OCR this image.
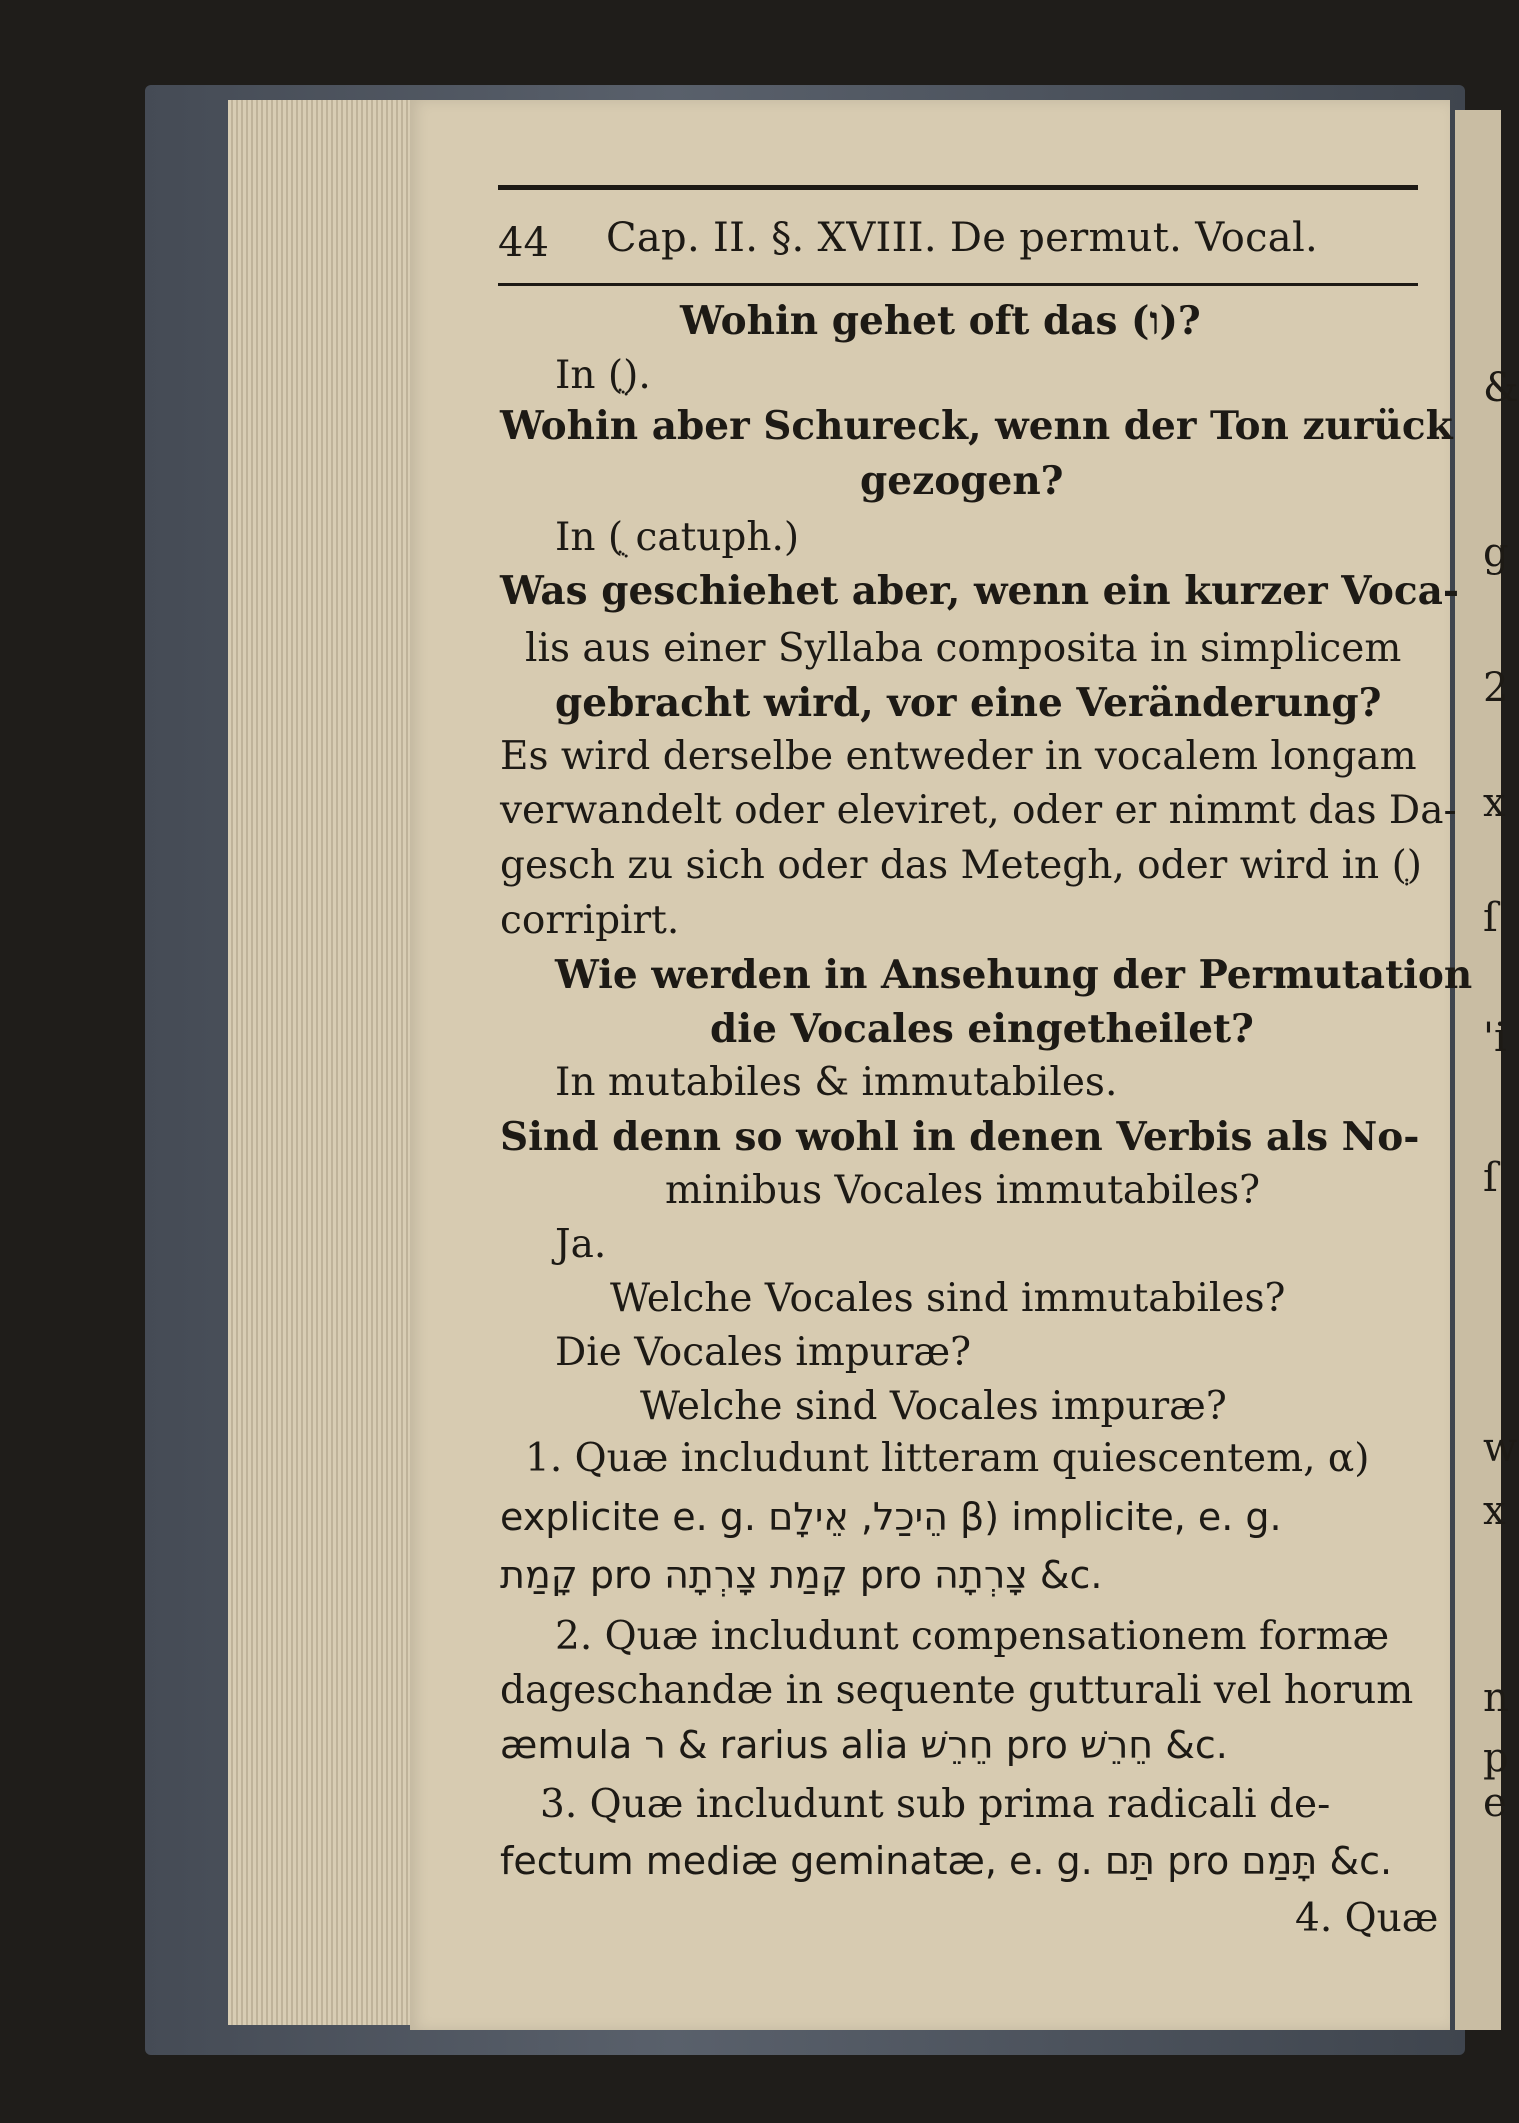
44 Cap. II. §. XVIII. De permut. Vocal.
Wohin gehet oft das (ו)?
In (ֻ).
Wohin aber Schureck, wenn der Ton zurück
gezogen?
In (ֻ catuph.)
Was geschiehet aber, wenn ein kurzer Voca-
lis aus einer Syllaba composita in simplicem
gebracht wird, vor eine Veränderung?
Es wird derselbe entweder in vocalem longam
verwandelt oder eleviret, oder er nimmt das Da-
gesch zu sich oder das Metegh, oder wird in (ְ)
corripirt.
Wie werden in Ansehung der Permutation
die Vocales eingetheilet?
In mutabiles & immutabiles.
Sind denn so wohl in denen Verbis als No-
minibus Vocales immutabiles?
Ja.
Welche Vocales sind immutabiles?
Die Vocales impuræ?
Welche sind Vocales impuræ?
1. Quæ includunt litteram quiescentem, α)
explicite e. g. הֵיכַל, אֵילָם β) implicite, e. g.
קָמַת pro קָמַת צָרְתָה pro צָרְתָה &c.
2. Quæ includunt compensationem formæ
dageschandæ in sequente gutturali vel horum
æmula ר & rarius alia חֵרֵשׁ pro חֵרֵשׁ &c.
3. Quæ includunt sub prima radicali de-
fectum mediæ geminatæ, e. g. תַּם pro תָּמַם &c.
4. Quæ
&
g
2
x
ſ
'i
ſ
w
x
n
p
e
